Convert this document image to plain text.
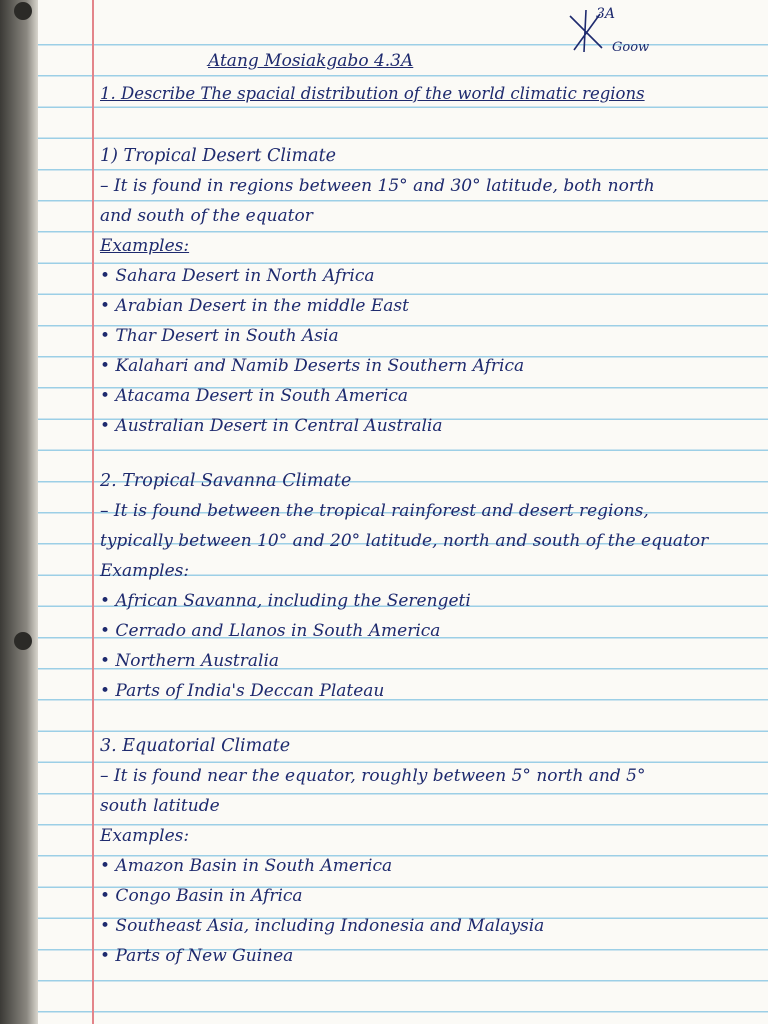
3A
Goow
Atang Mosiakgabo 4.3A
1. Describe The spacial distribution of the world climatic regions
1) Tropical Desert Climate
– It is found in regions between 15° and 30° latitude, both north
and south of the equator
Examples:
• Sahara Desert in North Africa
• Arabian Desert in the middle East
• Thar Desert in South Asia
• Kalahari and Namib Deserts in Southern Africa
• Atacama Desert in South America
• Australian Desert in Central Australia
2. Tropical Savanna Climate
– It is found between the tropical rainforest and desert regions,
typically between 10° and 20° latitude, north and south of the equator
Examples:
• African Savanna, including the Serengeti
• Cerrado and Llanos in South America
• Northern Australia
• Parts of India's Deccan Plateau
3. Equatorial Climate
– It is found near the equator, roughly between 5° north and 5°
south latitude
Examples:
• Amazon Basin in South America
• Congo Basin in Africa
• Southeast Asia, including Indonesia and Malaysia
• Parts of New Guinea
